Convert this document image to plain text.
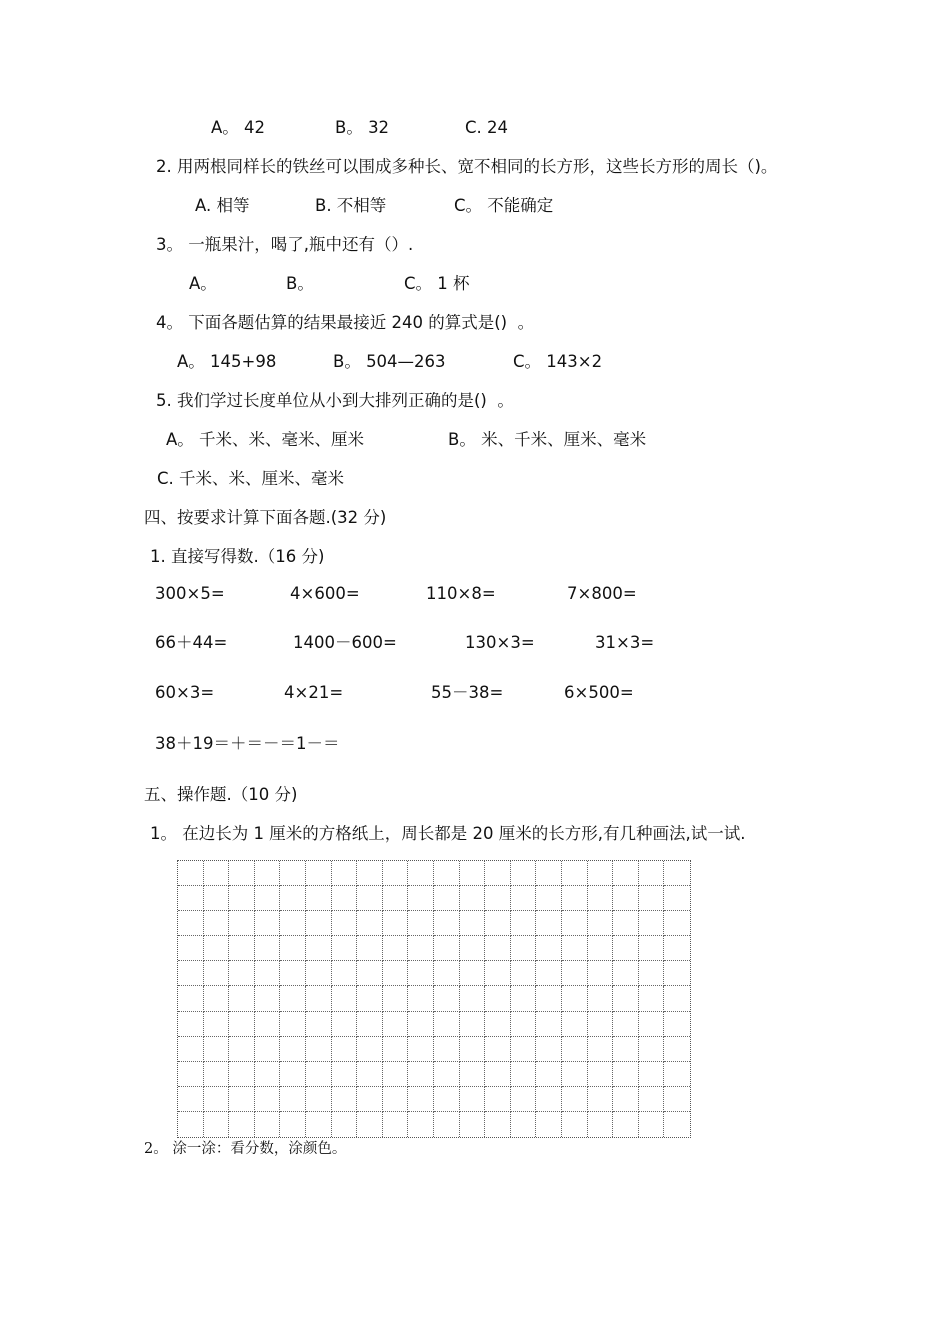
A。 42	B。 32	C. 24
2. 用两根同样长的铁丝可以围成多种长、宽不相同的长方形，这些长方形的周长（)。
A. 相等	B. 不相等	C。 不能确定
3。 一瓶果汁，喝了,瓶中还有（）.
A。	B。	C。 1 杯
4。 下面各题估算的结果最接近 240 的算式是()  。
A。 145+98	B。 504—263	C。 143×2
5. 我们学过长度单位从小到大排列正确的是()  。
A。 千米、米、毫米、厘米	B。 米、千米、厘米、毫米
C. 千米、米、厘米、毫米
四、按要求计算下面各题.(32 分)
1. 直接写得数.（16 分)
300×5=	4×600=	110×8=	7×800=
66＋44=	1400－600=	130×3=	31×3=
60×3=	4×21=	55－38=	6×500=
38＋19＝＋＝－＝1－＝
五、操作题.（10 分)
1。 在边长为 1 厘米的方格纸上，周长都是 20 厘米的长方形,有几种画法,试一试.
2。 涂一涂：看分数，涂颜色。
